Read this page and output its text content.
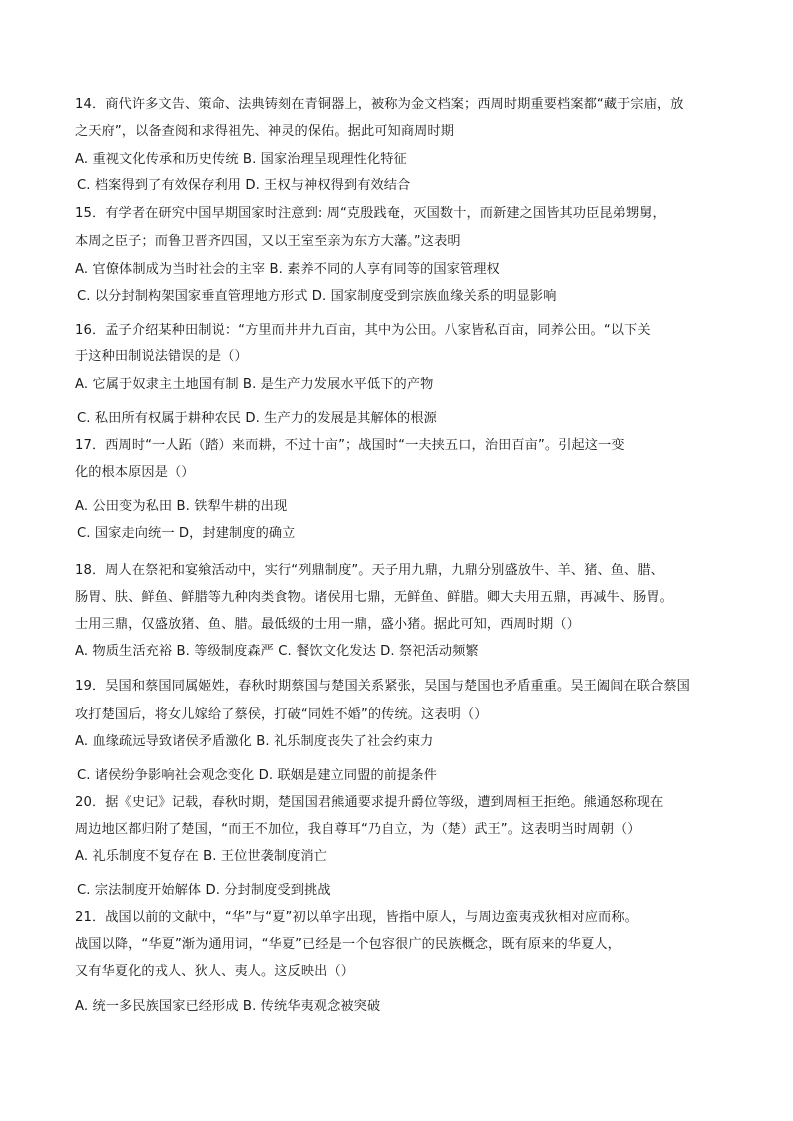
14．商代许多文告、策命、法典铸刻在青铜器上，被称为金文档案；西周时期重要档案都“藏于宗庙，放
之天府”，以备查阅和求得祖先、神灵的保佑。据此可知商周时期
A. 重视文化传承和历史传统 B. 国家治理呈现理性化特征
C. 档案得到了有效保存利用 D. 王权与神权得到有效结合
15．有学者在研究中国早期国家时注意到: 周“克殷践奄，灭国数十，而新建之国皆其功臣昆弟甥舅，
本周之臣子；而鲁卫晋齐四国，又以王室至亲为东方大藩。”这表明
A. 官僚体制成为当时社会的主宰 B. 素养不同的人享有同等的国家管理权
C. 以分封制构架国家垂直管理地方形式 D. 国家制度受到宗族血缘关系的明显影响
16．孟子介绍某种田制说：“方里而井井九百亩，其中为公田。八家皆私百亩，同养公田。“以下关
于这种田制说法错误的是（）
A. 它属于奴隶主土地国有制 B. 是生产力发展水平低下的产物
C. 私田所有权属于耕种农民 D. 生产力的发展是其解体的根源
17．西周时“一人跖（踏）来而耕，不过十亩”；战国时“一夫挟五口，治田百亩”。引起这一变
化的根本原因是（）
A. 公田变为私田 B. 铁犁牛耕的出现
C. 国家走向统一 D，封建制度的确立
18．周人在祭祀和宴飨活动中，实行“列鼎制度”。天子用九鼎，九鼎分别盛放牛、羊、猪、鱼、腊、
肠胃、肤、鲜鱼、鲜腊等九种肉类食物。诸侯用七鼎，无鲜鱼、鲜腊。卿大夫用五鼎，再减牛、肠胃。
士用三鼎，仅盛放猪、鱼、腊。最低级的士用一鼎，盛小猪。据此可知，西周时期（）
A. 物质生活充裕 B. 等级制度森严 C. 餐饮文化发达 D. 祭祀活动频繁
19．吴国和蔡国同属姬姓，春秋时期蔡国与楚国关系紧张，吴国与楚国也矛盾重重。吴王阖闾在联合蔡国
攻打楚国后，将女儿嫁给了蔡侯，打破“同姓不婚”的传统。这表明（）
A. 血缘疏远导致诸侯矛盾激化 B. 礼乐制度丧失了社会约束力
C. 诸侯纷争影响社会观念变化 D. 联姻是建立同盟的前提条件
20．据《史记》记载，春秋时期，楚国国君熊通要求提升爵位等级，遭到周桓王拒绝。熊通怒称现在
周边地区都归附了楚国，“而王不加位，我自尊耳“乃自立，为（楚）武王”。这表明当时周朝（）
A. 礼乐制度不复存在 B. 王位世袭制度消亡
C. 宗法制度开始解体 D. 分封制度受到挑战
21．战国以前的文献中，“华”与“夏”初以单字出现，皆指中原人，与周边蛮夷戎狄相对应而称。
战国以降，“华夏”渐为通用词，“华夏”已经是一个包容很广的民族概念，既有原来的华夏人，
又有华夏化的戎人、狄人、夷人。这反映出（）
A. 统一多民族国家已经形成 B. 传统华夷观念被突破
